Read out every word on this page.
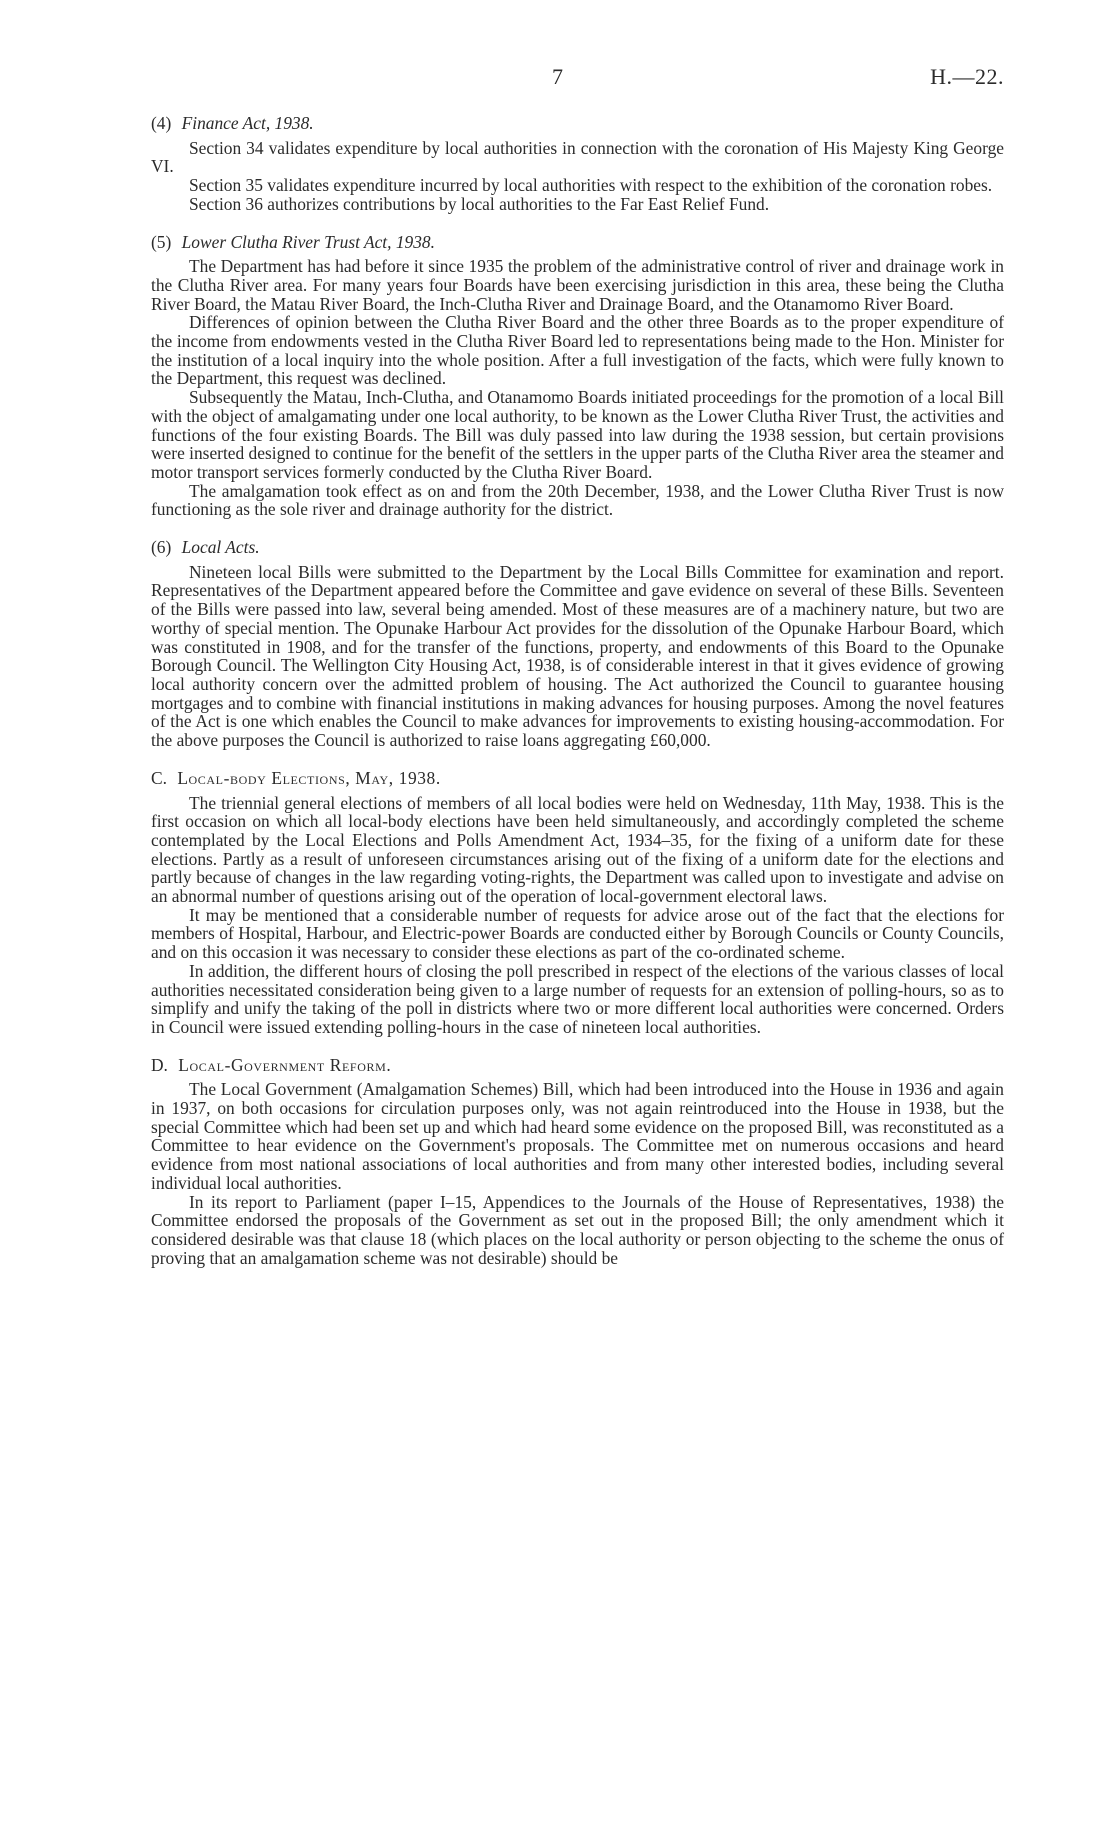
7	H.—22.
(4) Finance Act, 1938.

Section 34 validates expenditure by local authorities in connection with the coronation of His Majesty King George VI.

Section 35 validates expenditure incurred by local authorities with respect to the exhibition of the coronation robes.

Section 36 authorizes contributions by local authorities to the Far East Relief Fund.

(5) Lower Clutha River Trust Act, 1938.

The Department has had before it since 1935 the problem of the administrative control of river and drainage work in the Clutha River area. For many years four Boards have been exercising jurisdiction in this area, these being the Clutha River Board, the Matau River Board, the Inch-Clutha River and Drainage Board, and the Otanamomo River Board.

Differences of opinion between the Clutha River Board and the other three Boards as to the proper expenditure of the income from endowments vested in the Clutha River Board led to representations being made to the Hon. Minister for the institution of a local inquiry into the whole position. After a full investigation of the facts, which were fully known to the Department, this request was declined.

Subsequently the Matau, Inch-Clutha, and Otanamomo Boards initiated proceedings for the promotion of a local Bill with the object of amalgamating under one local authority, to be known as the Lower Clutha River Trust, the activities and functions of the four existing Boards. The Bill was duly passed into law during the 1938 session, but certain provisions were inserted designed to continue for the benefit of the settlers in the upper parts of the Clutha River area the steamer and motor transport services formerly conducted by the Clutha River Board.

The amalgamation took effect as on and from the 20th December, 1938, and the Lower Clutha River Trust is now functioning as the sole river and drainage authority for the district.

(6) Local Acts.

Nineteen local Bills were submitted to the Department by the Local Bills Committee for examination and report. Representatives of the Department appeared before the Committee and gave evidence on several of these Bills. Seventeen of the Bills were passed into law, several being amended. Most of these measures are of a machinery nature, but two are worthy of special mention. The Opunake Harbour Act provides for the dissolution of the Opunake Harbour Board, which was constituted in 1908, and for the transfer of the functions, property, and endowments of this Board to the Opunake Borough Council. The Wellington City Housing Act, 1938, is of considerable interest in that it gives evidence of growing local authority concern over the admitted problem of housing. The Act authorized the Council to guarantee housing mortgages and to combine with financial institutions in making advances for housing purposes. Among the novel features of the Act is one which enables the Council to make advances for improvements to existing housing-accommodation. For the above purposes the Council is authorized to raise loans aggregating £60,000.

C. Local-body Elections, May, 1938.

The triennial general elections of members of all local bodies were held on Wednesday, 11th May, 1938. This is the first occasion on which all local-body elections have been held simultaneously, and accordingly completed the scheme contemplated by the Local Elections and Polls Amendment Act, 1934–35, for the fixing of a uniform date for these elections. Partly as a result of unforeseen circumstances arising out of the fixing of a uniform date for the elections and partly because of changes in the law regarding voting-rights, the Department was called upon to investigate and advise on an abnormal number of questions arising out of the operation of local-government electoral laws.

It may be mentioned that a considerable number of requests for advice arose out of the fact that the elections for members of Hospital, Harbour, and Electric-power Boards are conducted either by Borough Councils or County Councils, and on this occasion it was necessary to consider these elections as part of the co-ordinated scheme.

In addition, the different hours of closing the poll prescribed in respect of the elections of the various classes of local authorities necessitated consideration being given to a large number of requests for an extension of polling-hours, so as to simplify and unify the taking of the poll in districts where two or more different local authorities were concerned. Orders in Council were issued extending polling-hours in the case of nineteen local authorities.

D. Local-Government Reform.

The Local Government (Amalgamation Schemes) Bill, which had been introduced into the House in 1936 and again in 1937, on both occasions for circulation purposes only, was not again reintroduced into the House in 1938, but the special Committee which had been set up and which had heard some evidence on the proposed Bill, was reconstituted as a Committee to hear evidence on the Government's proposals. The Committee met on numerous occasions and heard evidence from most national associations of local authorities and from many other interested bodies, including several individual local authorities.

In its report to Parliament (paper I–15, Appendices to the Journals of the House of Representatives, 1938) the Committee endorsed the proposals of the Government as set out in the proposed Bill; the only amendment which it considered desirable was that clause 18 (which places on the local authority or person objecting to the scheme the onus of proving that an amalgamation scheme was not desirable) should be
